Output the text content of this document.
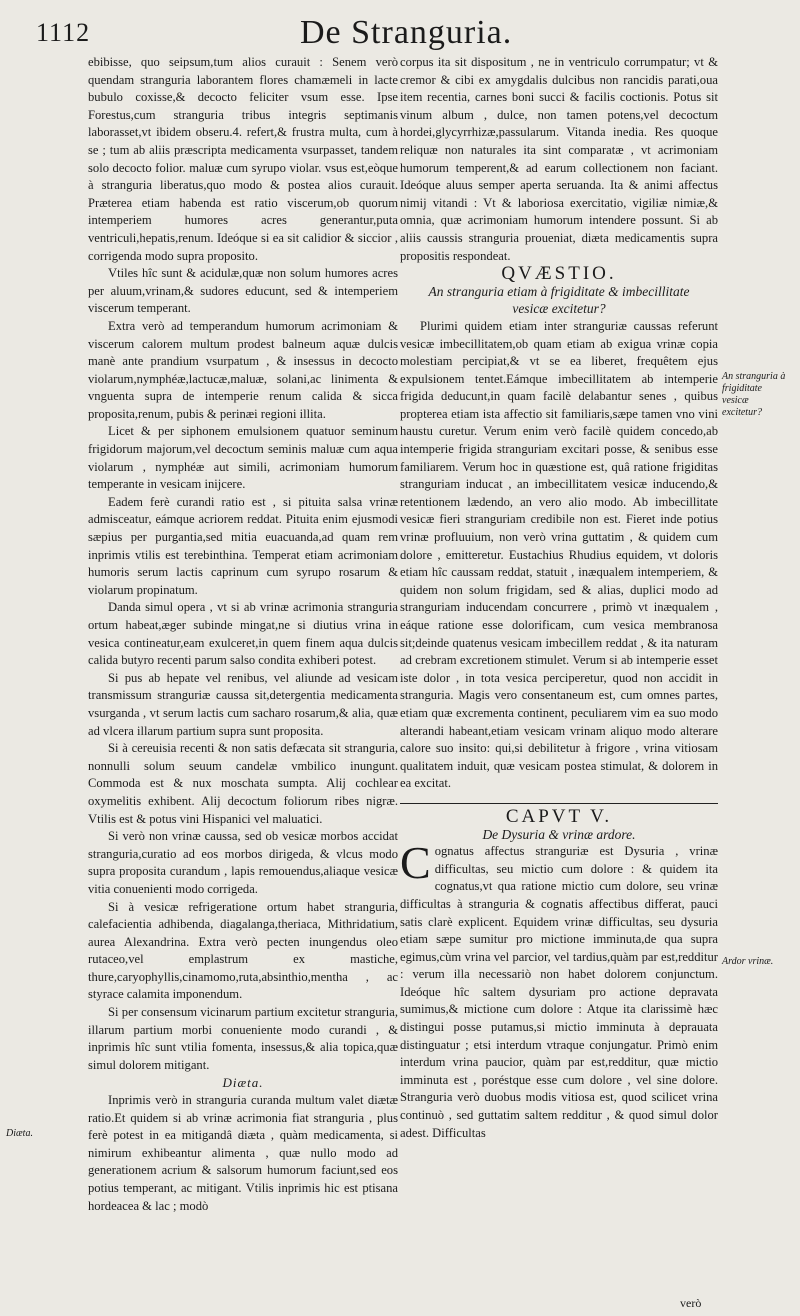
1112	De Stranguria.

ebibisse, quo seipsum,tum alios curauit : Senem verò quendam stranguria laborantem flores chamæmeli in lacte bubulo coxisse,& decocto feliciter vsum esse. Ipse Forestus,cum stranguria tribus integris septimanis laborasset,vt ibidem obseru.4. refert,& frustra multa, cum à se ; tum ab aliis præscripta medicamenta vsurpasset, tandem solo decocto folior. maluæ cum syrupo violar. vsus est,eòque à stranguria liberatus,quo modo & postea alios curauit. Præterea etiam habenda est ratio viscerum,ob quorum intemperiem humores acres generantur,puta ventriculi,hepatis,renum. Ideóque si ea sit calidior & siccior , corrigenda modo supra proposito.

Vtiles hîc sunt & acidulæ,quæ non solum humores acres per aluum,vrinam,& sudores educunt, sed & intemperiem viscerum temperant.

Extra verò ad temperandum humorum acrimoniam & viscerum calorem multum prodest balneum aquæ dulcis manè ante prandium vsurpatum , & insessus in decocto violarum,nymphéæ,lactucæ,maluæ, solani,ac linimenta & vnguenta supra de intemperie renum calida & sicca proposita,renum, pubis & perinæi regioni illita.

Licet & per siphonem emulsionem quatuor seminum frigidorum majorum,vel decoctum seminis maluæ cum aqua violarum , nymphéæ aut simili, acrimoniam humorum temperante in vesicam inijcere.

Eadem ferè curandi ratio est , si pituita salsa vrinæ admisceatur, eámque acriorem reddat. Pituita enim ejusmodi sæpius per purgantia,sed mitia euacuanda,ad quam rem inprimis vtilis est terebinthina. Temperat etiam acrimoniam humoris serum lactis caprinum cum syrupo rosarum & violarum propinatum.

Danda simul opera , vt si ab vrinæ acrimonia stranguria ortum habeat,æger subinde mingat,ne si diutius vrina in vesica contineatur,eam exulceret,in quem finem aqua dulcis calida butyro recenti parum salso condita exhiberi potest.

Si pus ab hepate vel renibus, vel aliunde ad vesicam transmissum stranguriæ caussa sit,detergentia medicamenta vsurganda , vt serum lactis cum sacharo rosarum,& alia, quæ ad vlcera illarum partium supra sunt proposita.

Si à cereuisia recenti & non satis defæcata sit stranguria, nonnulli solum seuum candelæ vmbilico inungunt. Commoda est & nux moschata sumpta. Alij cochlear oxymelitis exhibent. Alij decoctum foliorum ribes nigræ. Vtilis est & potus vini Hispanici vel maluatici.

Si verò non vrinæ caussa, sed ob vesicæ morbos accidat stranguria,curatio ad eos morbos dirigeda, & vlcus modo supra proposita curandum , lapis remouendus,aliaque vesicæ vitia conuenienti modo corrigeda.

Si à vesicæ refrigeratione ortum habet stranguria, calefacientia adhibenda, diagalanga,theriaca, Mithridatium, aurea Alexandrina. Extra verò pecten inungendus oleo rutaceo,vel emplastrum ex mastiche, thure,caryophyllis,cinamomo,ruta,absinthio,mentha , ac styrace calamita imponendum.

Si per consensum vicinarum partium excitetur stranguria, illarum partium morbi conueniente modo curandi , & inprimis hîc sunt vtilia fomenta, insessus,& alia topica,quæ simul dolorem mitigant.

Diæta.

Inprimis verò in stranguria curanda multum valet diætæ ratio.Et quidem si ab vrinæ acrimonia fiat stranguria , plus ferè potest in ea mitigandâ diæta , quàm medicamenta, si nimirum exhibeantur alimenta , quæ nullo modo ad generationem acrium & salsorum humorum faciunt,sed eos potius temperant, ac mitigant. Vtilis inprimis hic est ptisana hordeacea & lac ; modò

corpus ita sit dispositum , ne in ventriculo corrumpatur; vt & cremor & cibi ex amygdalis dulcibus non rancidis parati,oua item recentia, carnes boni succi & facilis coctionis. Potus sit vinum album , dulce, non tamen potens,vel decoctum hordei,glycyrrhizæ,passularum. Vitanda inedia. Res quoque reliquæ non naturales ita sint comparatæ , vt acrimoniam humorum temperent,& ad earum collectionem non faciant. Ideóque aluus semper aperta seruanda. Ita & animi affectus nimij vitandi : Vt & laboriosa exercitatio, vigiliæ nimiæ,& omnia, quæ acrimoniam humorum intendere possunt. Si ab aliis caussis stranguria proueniat, diæta medicamentis supra propositis respondeat.

QVÆSTIO.

An stranguria etiam à frigiditate & imbecillitate vesicæ excitetur?

Plurimi quidem etiam inter stranguriæ caussas referunt vesicæ imbecillitatem,ob quam etiam ab exigua vrinæ copia molestiam percipiat,& vt se ea liberet, frequêtem ejus expulsionem tentet.Eámque imbecillitatem ab intemperie frigida deducunt,in quam facilè delabantur senes , quibus propterea etiam ista affectio sit familiaris,sæpe tamen vno vini haustu curetur. Verum enim verò facilè quidem concedo,ab intemperie frigida stranguriam excitari posse, & senibus esse familiarem. Verum hoc in quæstione est, quâ ratione frigiditas stranguriam inducat , an imbecillitatem vesicæ inducendo,& retentionem lædendo, an vero alio modo. Ab imbecillitate vesicæ fieri stranguriam credibile non est. Fieret inde potius vrinæ profluuium, non verò vrina guttatim , & quidem cum dolore , emitteretur. Eustachius Rhudius equidem, vt doloris etiam hîc caussam reddat, statuit , inæqualem intemperiem, & quidem non solum frigidam, sed & alias, duplici modo ad stranguriam inducendam concurrere , primò vt inæqualem , eáque ratione esse dolorificam, cum vesica membranosa sit;deinde quatenus vesicam imbecillem reddat , & ita naturam ad crebram excretionem stimulet. Verum si ab intemperie esset iste dolor , in tota vesica perciperetur, quod non accidit in stranguria. Magis vero consentaneum est, cum omnes partes, etiam quæ excrementa continent, peculiarem vim ea suo modo alterandi habeant,etiam vesicam vrinam aliquo modo alterare calore suo insito: qui,si debilitetur à frigore , vrina vitiosam qualitatem induit, quæ vesicam postea stimulat, & dolorem in ea excitat.

CAPVT V.

De Dysuria & vrinæ ardore.

Cognatus affectus stranguriæ est Dysuria , vrinæ difficultas, seu mictio cum dolore : & quidem ita cognatus,vt qua ratione mictio cum dolore, seu vrinæ difficultas à stranguria & cognatis affectibus differat, pauci satis clarè explicent. Equidem vrinæ difficultas, seu dysuria etiam sæpe sumitur pro mictione imminuta,de qua supra egimus,cùm vrina vel parcior, vel tardius,quàm par est,redditur : verum illa necessariò non habet dolorem conjunctum. Ideóque hîc saltem dysuriam pro actione depravata sumimus,& mictione cum dolore : Atque ita clarissimè hæc distingui posse putamus,si mictio imminuta à deprauata distinguatur ; etsi interdum vtraque conjungatur. Primò enim interdum vrina paucior, quàm par est,redditur, quæ mictio imminuta est , poréstque esse cum dolore , vel sine dolore. Stranguria verò duobus modis vitiosa est, quod scilicet vrina continuò , sed guttatim saltem redditur , & quod simul dolor adest. Difficultas

An stranguria à frigiditate vesicæ excitetur?
Ardor vrinæ.
Diæta.
verò
